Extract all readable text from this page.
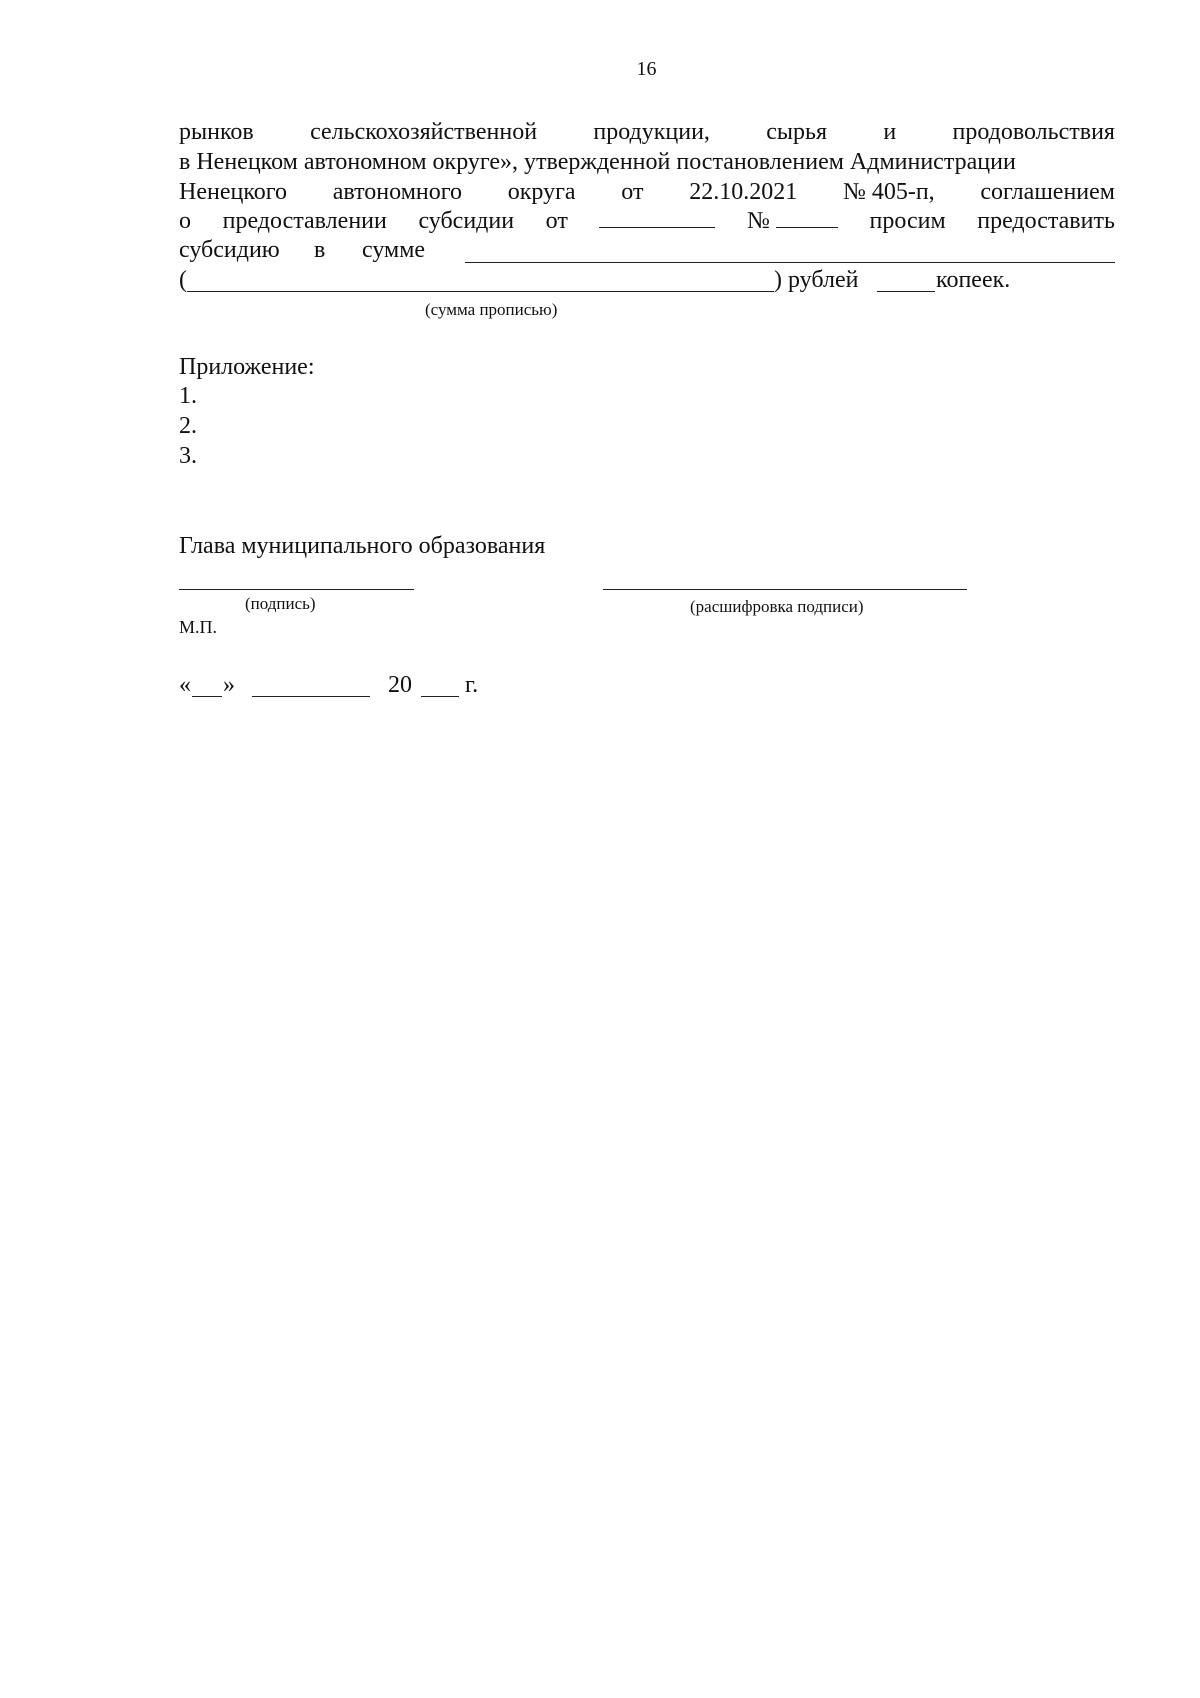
16
рынков сельскохозяйственной продукции, сырья и продовольствия
в Ненецком автономном округе», утвержденной постановлением Администрации
Ненецкого автономного округа от 22.10.2021 № 405-п, соглашением
о предоставлении субсидии от	№	просим предоставить
субсидию в сумме
(	) рублей	копеек.
(сумма прописью)
Приложение:
1.
2.
3.
Глава муниципального образования
(подпись)	(расшифровка подписи)
М.П.
« »	20 г.
